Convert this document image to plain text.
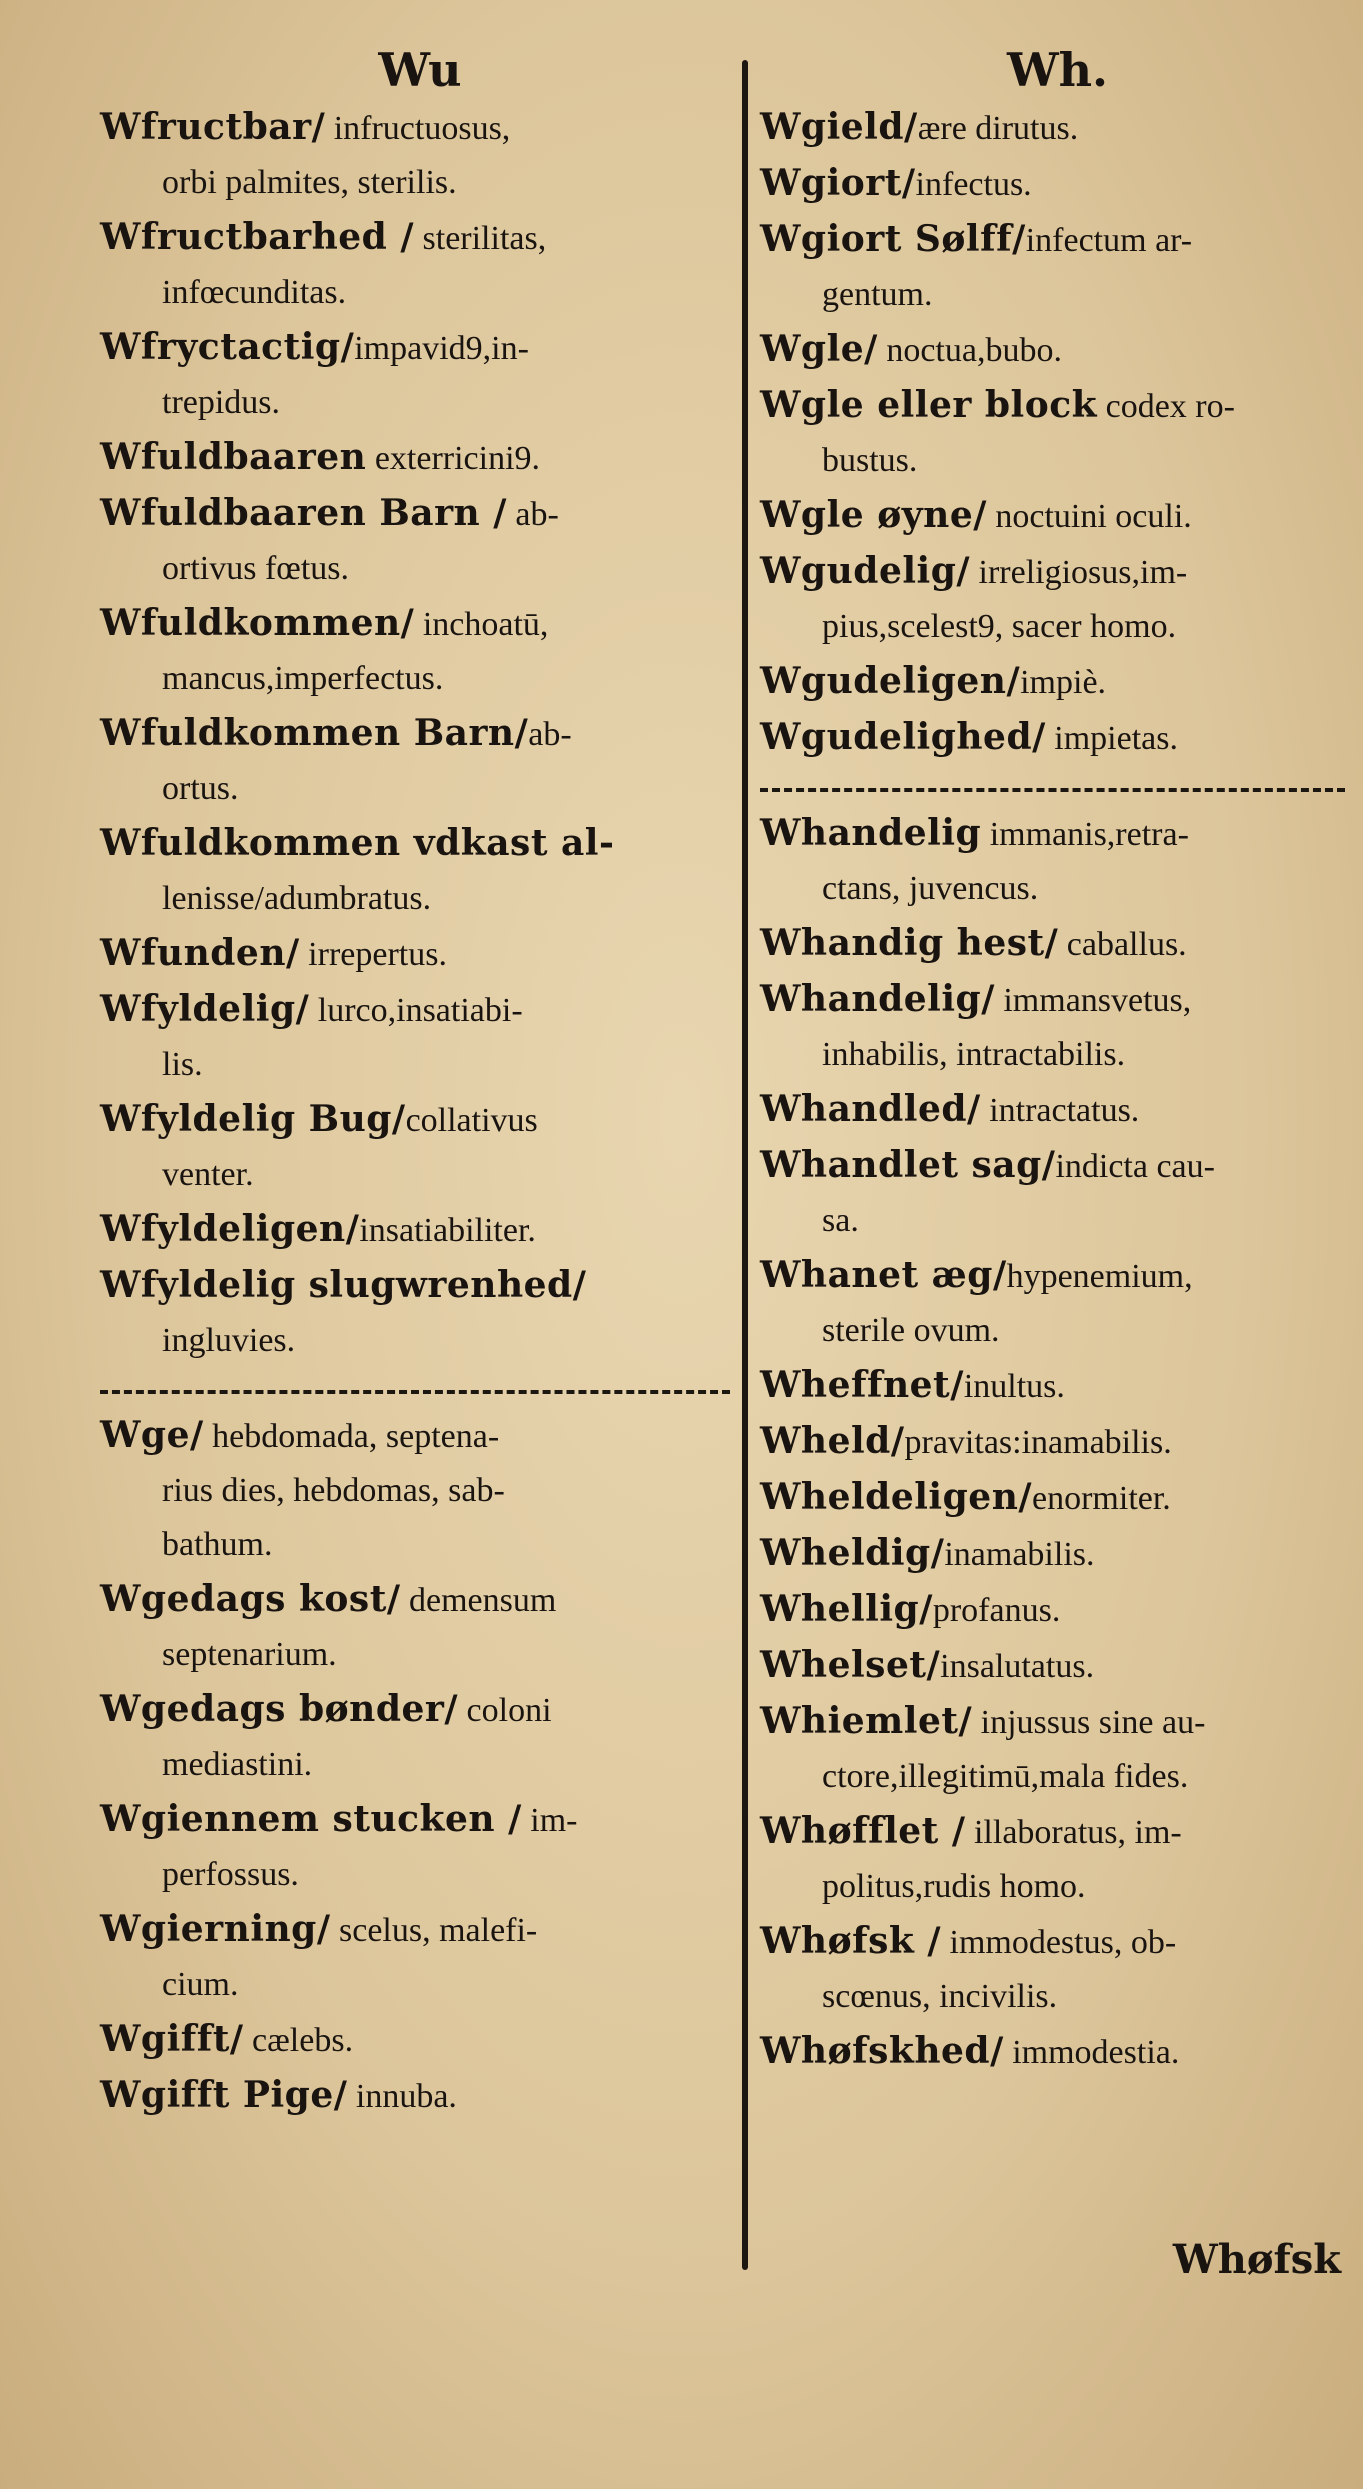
Wu
Wfructbar/ infructuosus,
orbi palmites, sterilis.
Wfructbarhed / sterilitas,
infœcunditas.
Wfryctactig/impavid9,in-
trepidus.
Wfuldbaaren exterricini9.
Wfuldbaaren Barn / ab-
ortivus fœtus.
Wfuldkommen/ inchoatū,
mancus,imperfectus.
Wfuldkommen Barn/ab-
ortus.
Wfuldkommen vdkast al-
lenisse/adumbratus.
Wfunden/ irrepertus.
Wfyldelig/ lurco,insatiabi-
lis.
Wfyldelig Bug/collativus
venter.
Wfyldeligen/insatiabiliter.
Wfyldelig slugwrenhed/
ingluvies.
Wge/ hebdomada, septena-
rius dies, hebdomas, sab-
bathum.
Wgedags kost/ demensum
septenarium.
Wgedags bønder/ coloni
mediastini.
Wgiennem stucken / im-
perfossus.
Wgierning/ scelus, malefi-
cium.
Wgifft/ cælebs.
Wgifft Pige/ innuba.
Wh.
Wgield/ære dirutus.
Wgiort/infectus.
Wgiort Sølff/infectum ar-
gentum.
Wgle/ noctua,bubo.
Wgle eller block codex ro-
bustus.
Wgle øyne/ noctuini oculi.
Wgudelig/ irreligiosus,im-
pius,scelest9, sacer homo.
Wgudeligen/impiè.
Wgudelighed/ impietas.
Whandelig immanis,retra-
ctans, juvencus.
Whandig hest/ caballus.
Whandelig/ immansvetus,
inhabilis, intractabilis.
Whandled/ intractatus.
Whandlet sag/indicta cau-
sa.
Whanet æg/hypenemium,
sterile ovum.
Wheffnet/inultus.
Wheld/pravitas:inamabilis.
Wheldeligen/enormiter.
Wheldig/inamabilis.
Whellig/profanus.
Whelset/insalutatus.
Whiemlet/ injussus sine au-
ctore,illegitimū,mala fides.
Whøfflet / illaboratus, im-
politus,rudis homo.
Whøfsk / immodestus, ob-
scœnus, incivilis.
Whøfskhed/ immodestia.
Whøfsk
